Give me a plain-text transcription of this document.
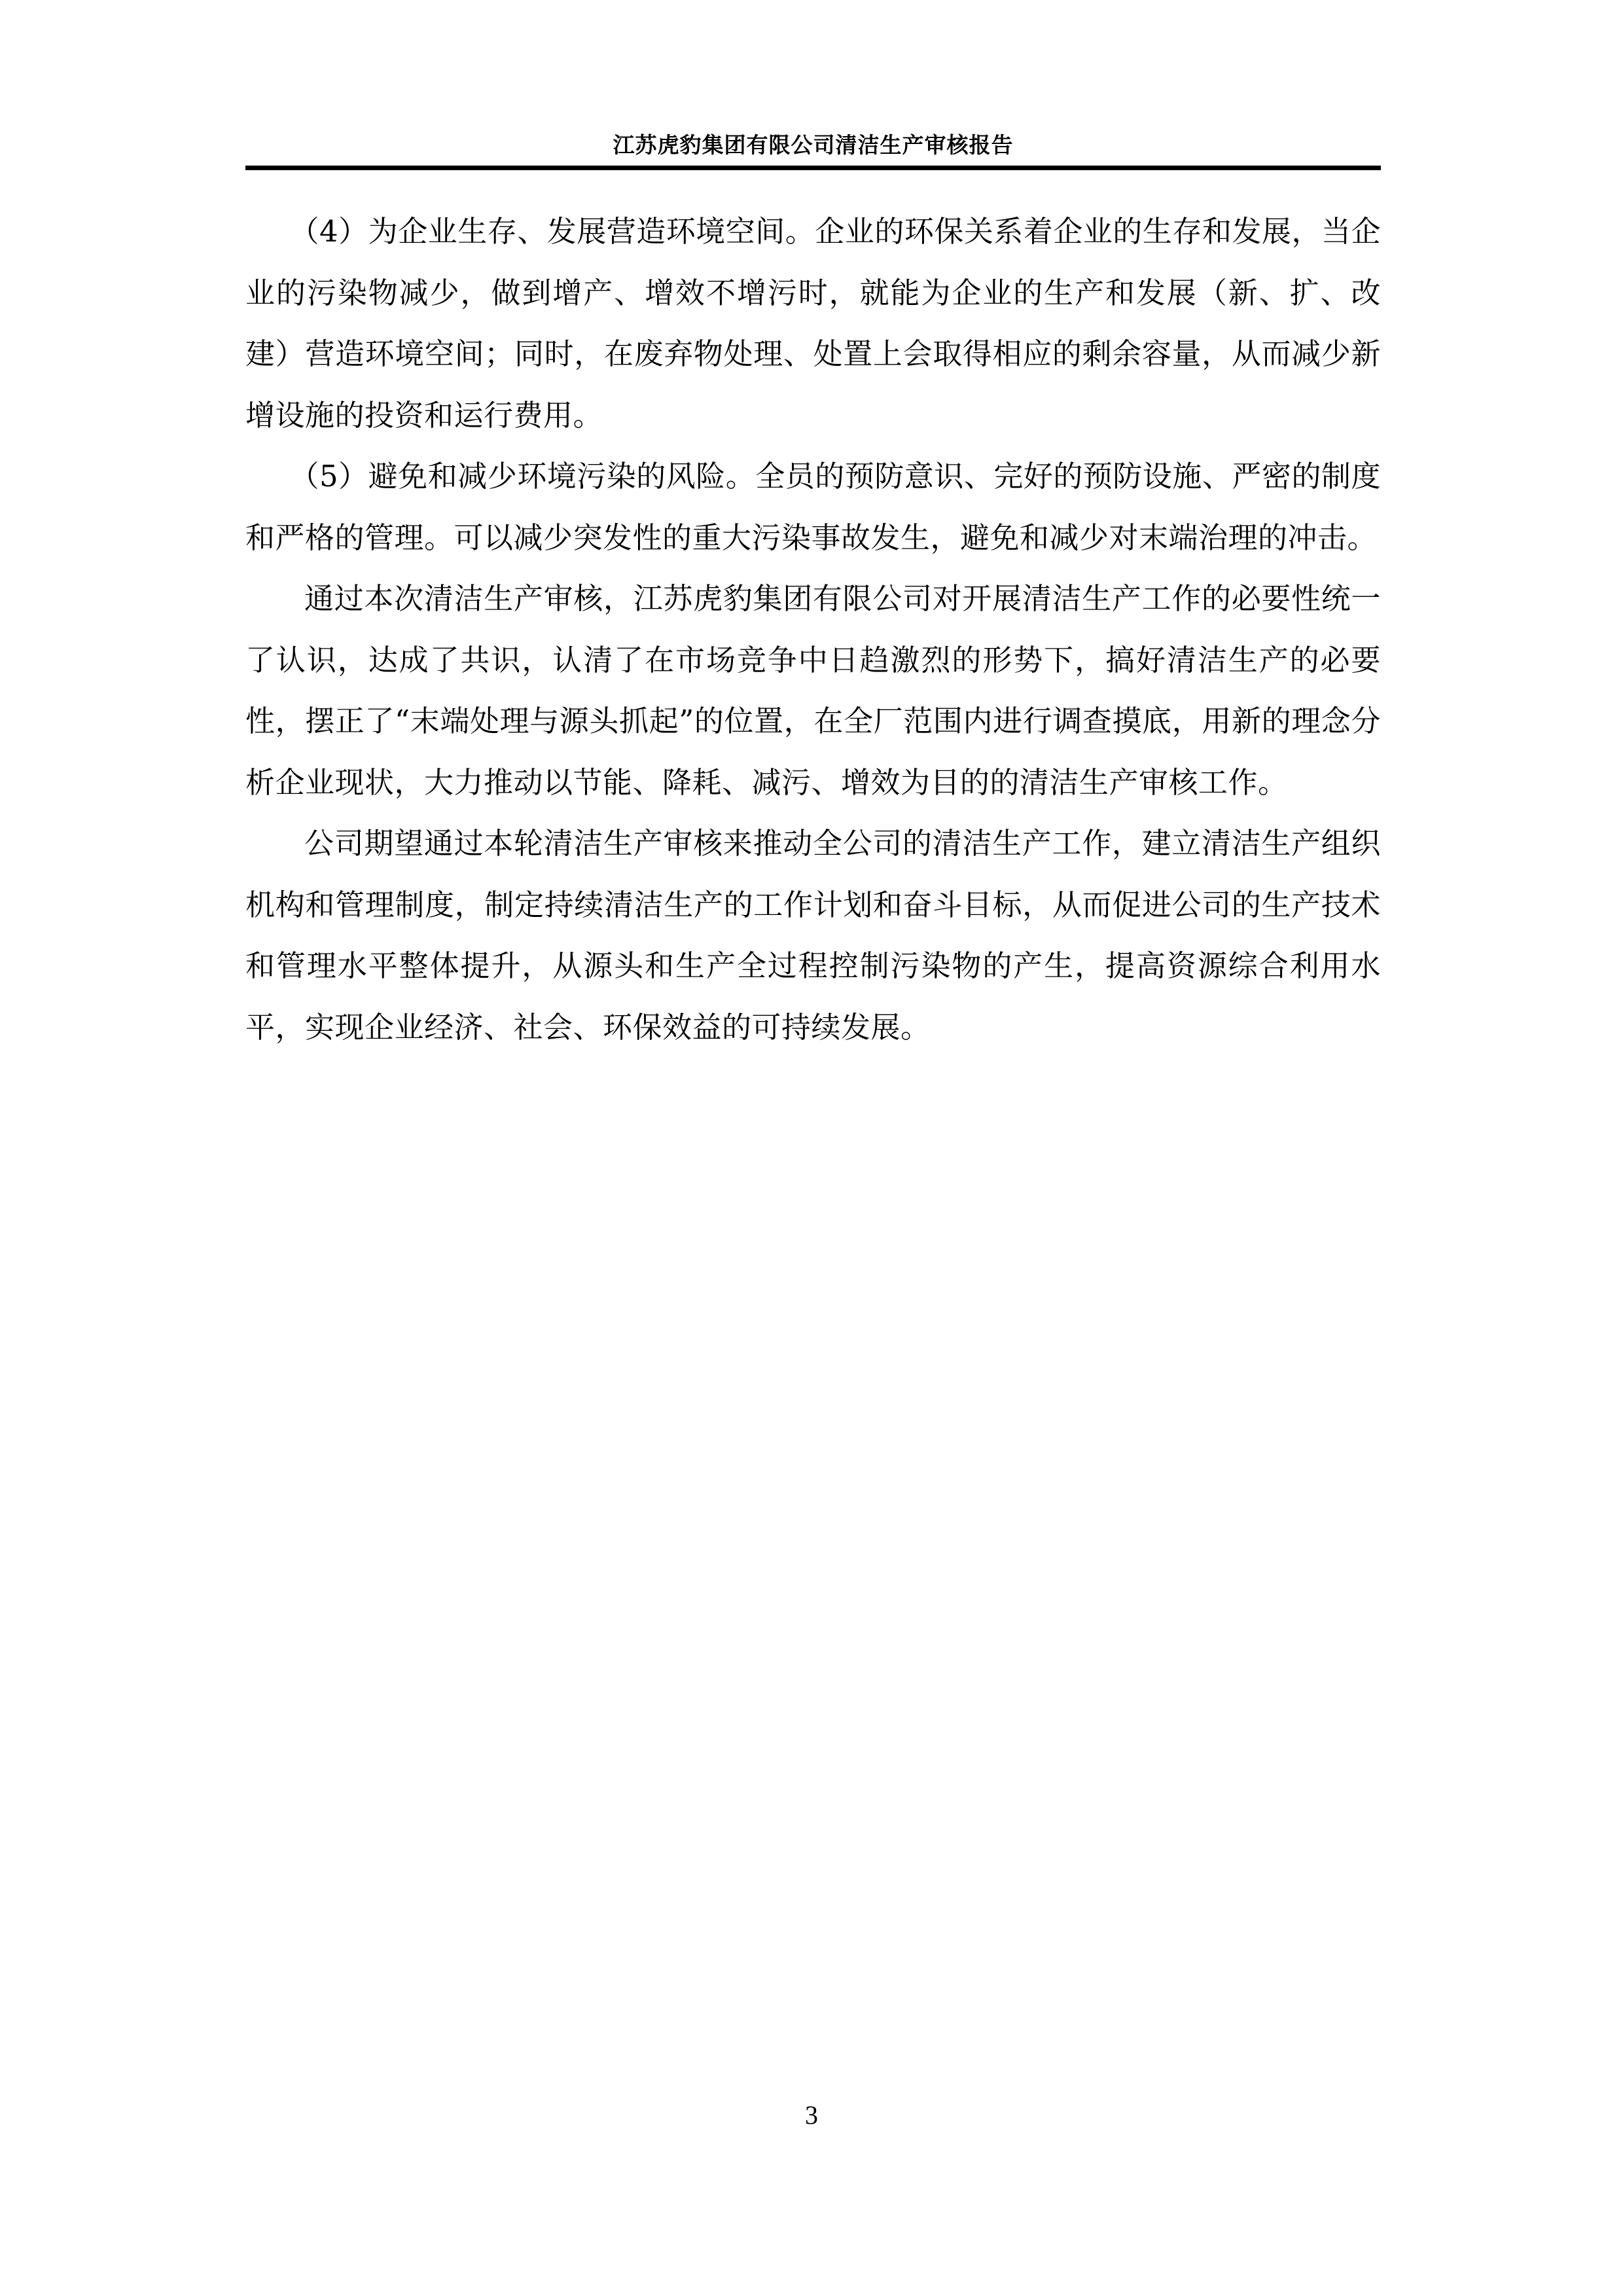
江苏虎豹集团有限公司清洁生产审核报告

（4）为企业生存、发展营造环境空间。企业的环保关系着企业的生存和发展，当企业的污染物减少，做到增产、增效不增污时，就能为企业的生产和发展（新、扩、改建）营造环境空间；同时，在废弃物处理、处置上会取得相应的剩余容量，从而减少新增设施的投资和运行费用。

（5）避免和减少环境污染的风险。全员的预防意识、完好的预防设施、严密的制度和严格的管理。可以减少突发性的重大污染事故发生，避免和减少对末端治理的冲击。

通过本次清洁生产审核，江苏虎豹集团有限公司对开展清洁生产工作的必要性统一了认识，达成了共识，认清了在市场竞争中日趋激烈的形势下，搞好清洁生产的必要性，摆正了“末端处理与源头抓起”的位置，在全厂范围内进行调查摸底，用新的理念分析企业现状，大力推动以节能、降耗、减污、增效为目的的清洁生产审核工作。

公司期望通过本轮清洁生产审核来推动全公司的清洁生产工作，建立清洁生产组织机构和管理制度，制定持续清洁生产的工作计划和奋斗目标，从而促进公司的生产技术和管理水平整体提升，从源头和生产全过程控制污染物的产生，提高资源综合利用水平，实现企业经济、社会、环保效益的可持续发展。

3
